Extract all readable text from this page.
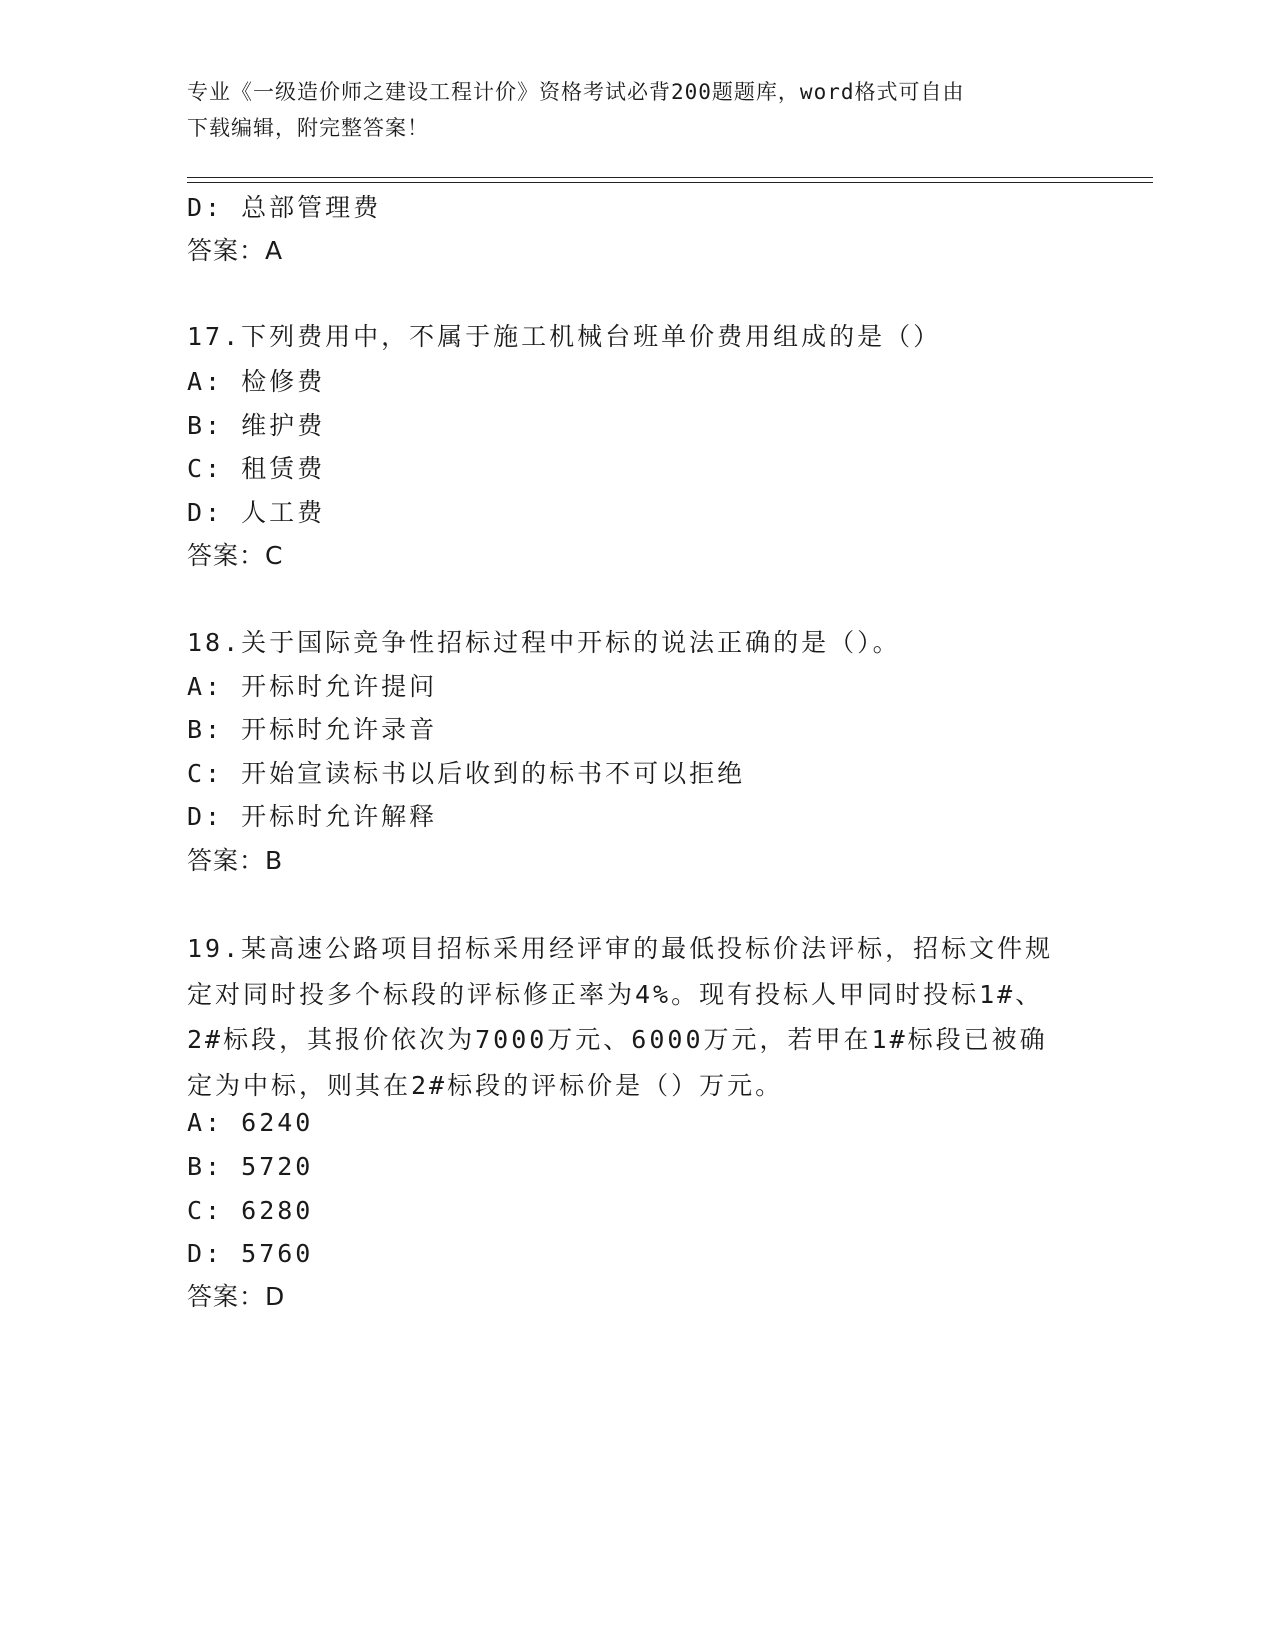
专业《一级造价师之建设工程计价》资格考试必背200题题库，word格式可自由
下载编辑，附完整答案！
D: 总部管理费
答案：A
17.下列费用中，不属于施工机械台班单价费用组成的是（）
A: 检修费
B: 维护费
C: 租赁费
D: 人工费
答案：C
18.关于国际竞争性招标过程中开标的说法正确的是（）。
A: 开标时允许提问
B: 开标时允许录音
C: 开始宣读标书以后收到的标书不可以拒绝
D: 开标时允许解释
答案：B
19.某高速公路项目招标采用经评审的最低投标价法评标，招标文件规
定对同时投多个标段的评标修正率为4%。现有投标人甲同时投标1#、
2#标段，其报价依次为7000万元、6000万元，若甲在1#标段已被确
定为中标，则其在2#标段的评标价是（）万元。
A: 6240
B: 5720
C: 6280
D: 5760
答案：D
